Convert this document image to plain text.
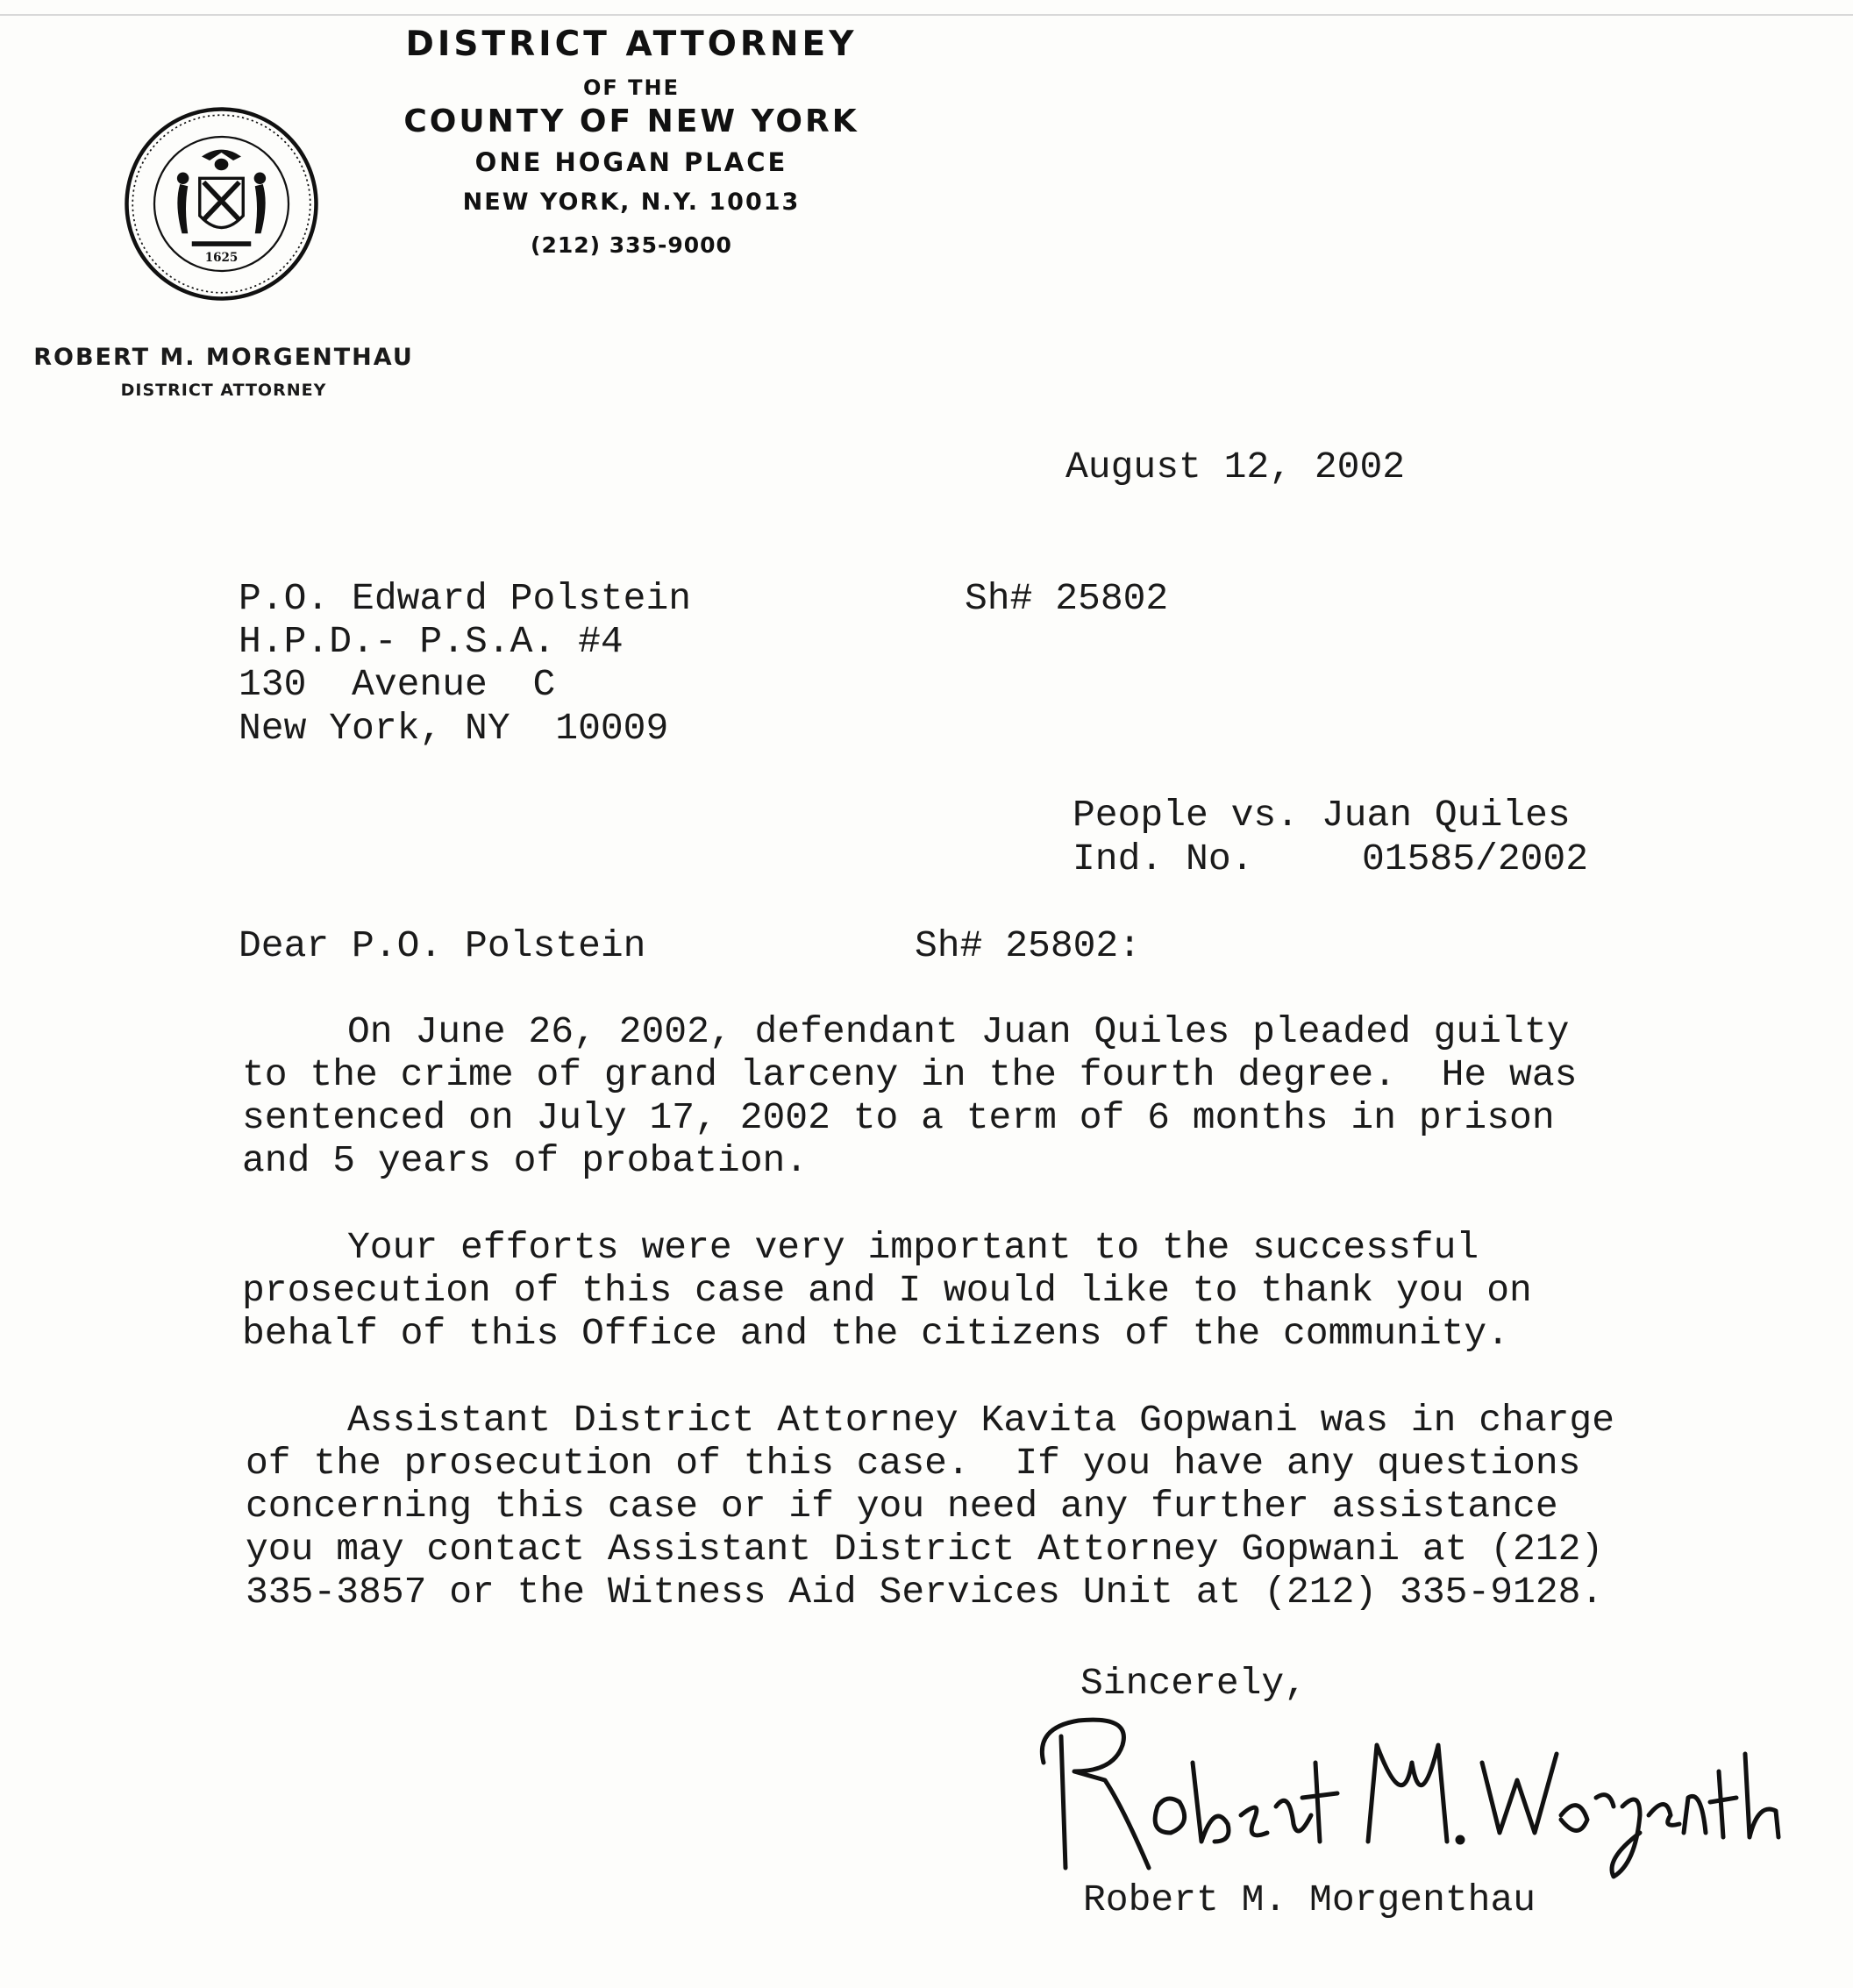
DISTRICT ATTORNEY
OF THE
COUNTY OF NEW YORK
ONE HOGAN PLACE
NEW YORK, N.Y. 10013
(212) 335-9000
1625
ROBERT M. MORGENTHAU
DISTRICT ATTORNEY
August 12, 2002
P.O. Edward Polstein	Sh# 25802
H.P.D.- P.S.A. #4
130  Avenue  C
New York, NY  10009
People vs. Juan Quiles
Ind. No.	01585/2002
Dear P.O. Polstein	Sh# 25802:
On June 26, 2002, defendant Juan Quiles pleaded guilty
to the crime of grand larceny in the fourth degree.  He was
sentenced on July 17, 2002 to a term of 6 months in prison
and 5 years of probation.
Your efforts were very important to the successful
prosecution of this case and I would like to thank you on
behalf of this Office and the citizens of the community.
Assistant District Attorney Kavita Gopwani was in charge
of the prosecution of this case.  If you have any questions
concerning this case or if you need any further assistance
you may contact Assistant District Attorney Gopwani at (212)
335-3857 or the Witness Aid Services Unit at (212) 335-9128.
Sincerely,
Robert M. Morgenthau
